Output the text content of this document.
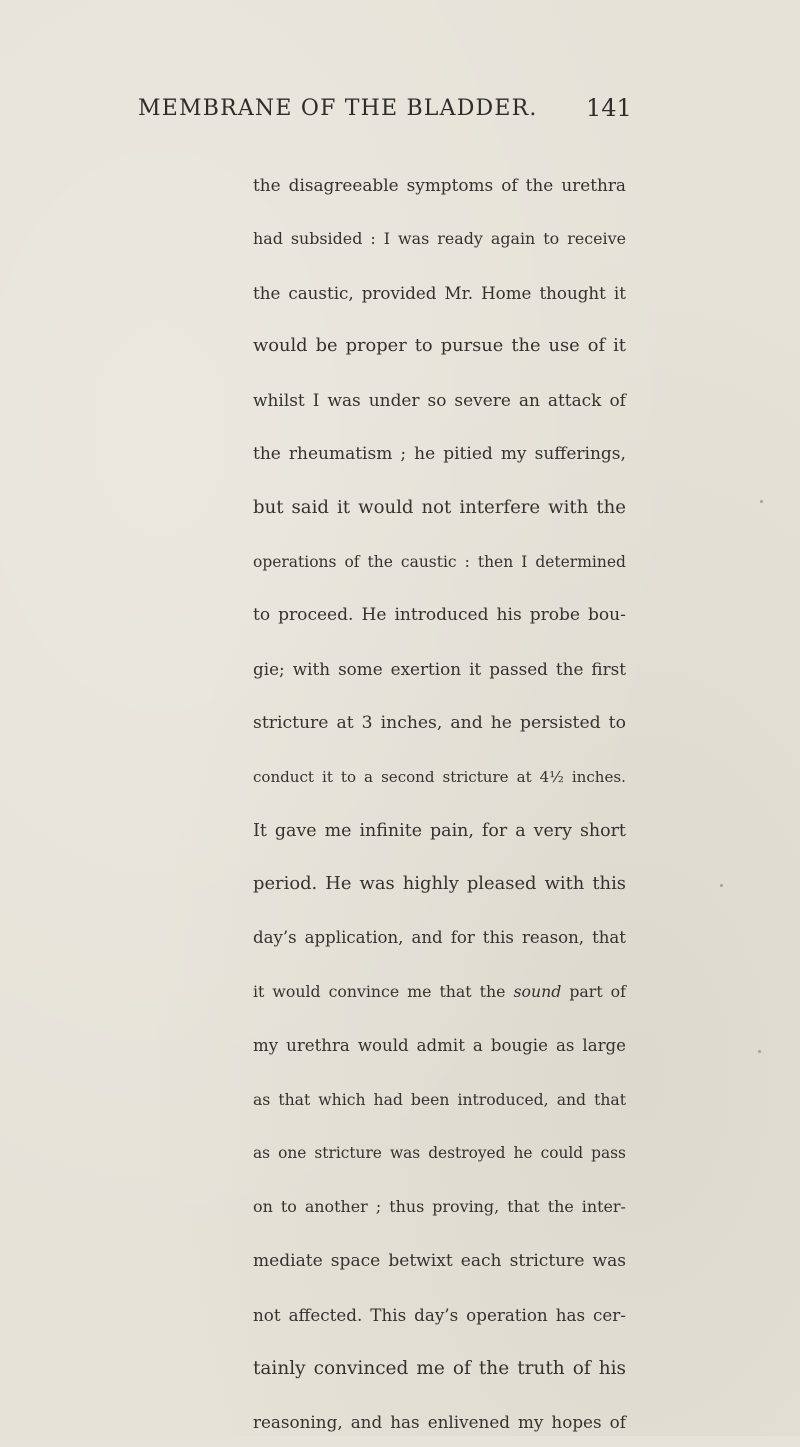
MEMBRANE OF THE BLADDER. 141
the disagreeable symptoms of the urethra
had subsided : I was ready again to receive
the caustic, provided Mr. Home thought it
would be proper to pursue the use of it
whilst I was under so severe an attack of
the rheumatism ; he pitied my sufferings,
but said it would not interfere with the
operations of the caustic : then I determined
to proceed. He introduced his probe bou-
gie; with some exertion it passed the first
stricture at 3 inches, and he persisted to
conduct it to a second stricture at 4½ inches.
It gave me infinite pain, for a very short
period. He was highly pleased with this
day’s application, and for this reason, that
it would convince me that the sound part of
my urethra would admit a bougie as large
as that which had been introduced, and that
as one stricture was destroyed he could pass
on to another ; thus proving, that the inter-
mediate space betwixt each stricture was
not affected. This day’s operation has cer-
tainly convinced me of the truth of his
reasoning, and has enlivened my hopes of
